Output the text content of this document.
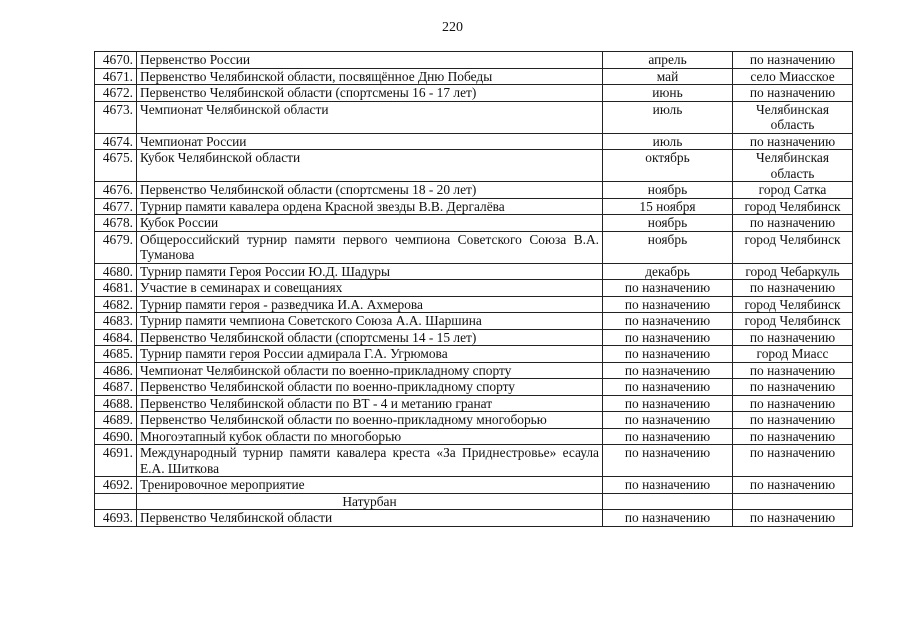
220
4670.	Первенство России	апрель	по назначению
4671.	Первенство Челябинской области, посвящённое Дню Победы	май	село Миасское
4672.	Первенство Челябинской области (спортсмены 16 - 17 лет)	июнь	по назначению
4673.	Чемпионат Челябинской области	июль	Челябинская область
4674.	Чемпионат России	июль	по назначению
4675.	Кубок Челябинской области	октябрь	Челябинская область
4676.	Первенство Челябинской области (спортсмены 18 - 20 лет)	ноябрь	город Сатка
4677.	Турнир памяти кавалера ордена Красной звезды В.В. Дергалёва	15 ноября	город Челябинск
4678.	Кубок России	ноябрь	по назначению
4679.	Общероссийский турнир памяти первого чемпиона Советского Союза В.А. Туманова	ноябрь	город Челябинск
4680.	Турнир памяти Героя России Ю.Д. Шадуры	декабрь	город Чебаркуль
4681.	Участие в семинарах и совещаниях	по назначению	по назначению
4682.	Турнир памяти героя - разведчика И.А. Ахмерова	по назначению	город Челябинск
4683.	Турнир памяти чемпиона Советского Союза А.А. Шаршина	по назначению	город Челябинск
4684.	Первенство Челябинской области (спортсмены 14 - 15 лет)	по назначению	по назначению
4685.	Турнир памяти героя России адмирала Г.А. Угрюмова	по назначению	город Миасс
4686.	Чемпионат Челябинской области по военно-прикладному спорту	по назначению	по назначению
4687.	Первенство Челябинской области по военно-прикладному спорту	по назначению	по назначению
4688.	Первенство Челябинской области по ВТ - 4 и метанию гранат	по назначению	по назначению
4689.	Первенство Челябинской области по военно-прикладному многоборью	по назначению	по назначению
4690.	Многоэтапный кубок области по многоборью	по назначению	по назначению
4691.	Международный турнир памяти кавалера креста «За Приднестровье» есаула Е.А. Шиткова	по назначению	по назначению
4692.	Тренировочное мероприятие	по назначению	по назначению
	Натурбан		
4693.	Первенство Челябинской области	по назначению	по назначению
